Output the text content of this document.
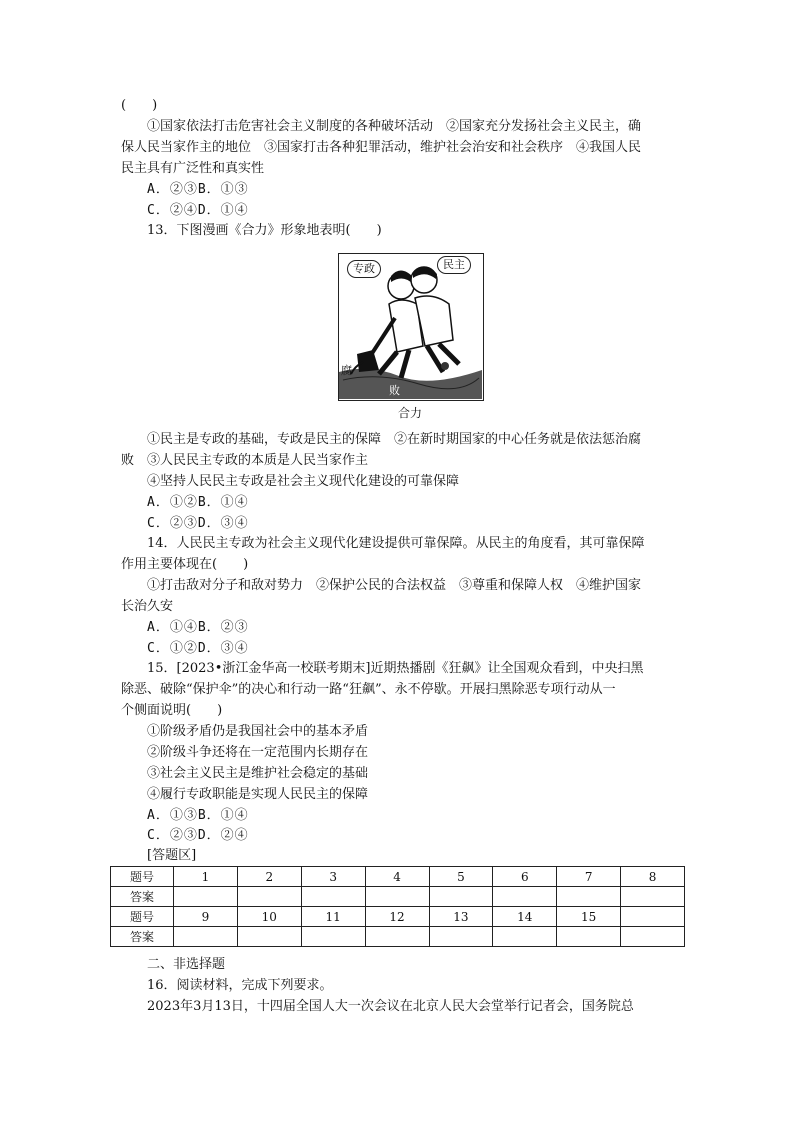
(　　)
①国家依法打击危害社会主义制度的各种破坏活动　②国家充分发扬社会主义民主，确
保人民当家作主的地位　③国家打击各种犯罪活动，维护社会治安和社会秩序　④我国人民
民主具有广泛性和真实性
A．②③B．①③
C．②④D．①④
13．下图漫画《合力》形象地表明(　　)
专政	民主
腐
败
合力
①民主是专政的基础，专政是民主的保障　②在新时期国家的中心任务就是依法惩治腐
败　③人民民主专政的本质是人民当家作主
④坚持人民民主专政是社会主义现代化建设的可靠保障
A．①②B．①④
C．②③D．③④
14．人民民主专政为社会主义现代化建设提供可靠保障。从民主的角度看，其可靠保障
作用主要体现在(　　)
①打击敌对分子和敌对势力　②保护公民的合法权益　③尊重和保障人权　④维护国家
长治久安
A．①④B．②③
C．①②D．③④
15．[2023•浙江金华高一校联考期末]近期热播剧《狂飙》让全国观众看到，中央扫黑
除恶、破除“保护伞”的决心和行动一路“狂飙”、永不停歇。开展扫黑除恶专项行动从一
个侧面说明(　　)
①阶级矛盾仍是我国社会中的基本矛盾
②阶级斗争还将在一定范围内长期存在
③社会主义民主是维护社会稳定的基础
④履行专政职能是实现人民民主的保障
A．①③B．①④
C．②③D．②④
[答题区]
题号	1	2	3	4	5	6	7	8
答案								
题号	9	10	11	12	13	14	15	
答案								
二、非选择题
16．阅读材料，完成下列要求。
2023年3月13日，十四届全国人大一次会议在北京人民大会堂举行记者会，国务院总
